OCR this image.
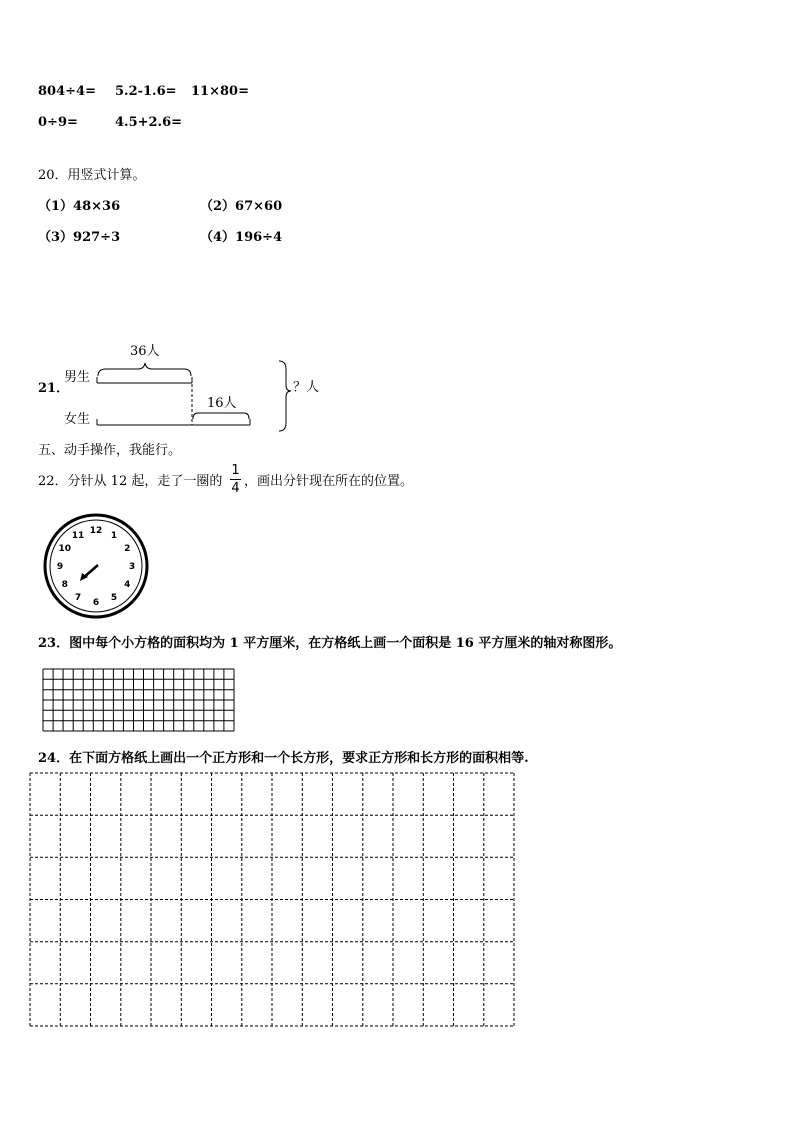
804÷4= 5.2-1.6= 11×80=
0÷9=	4.5+2.6=
20．用竖式计算。
（1）48×36	（2）67×60
（3）927÷3	（4）196÷4
21．
男生
女生
36人
16人
？人
五、动手操作，我能行。
22．分针从 12 起，走了一圈的
1
4 ，画出分针现在所在的位置。
12 1
2
3
4
5
6
7
8
9
10
11
23．图中每个小方格的面积均为 1 平方厘米，在方格纸上画一个面积是 16 平方厘米的轴对称图形。
24．在下面方格纸上画出一个正方形和一个长方形，要求正方形和长方形的面积相等.
